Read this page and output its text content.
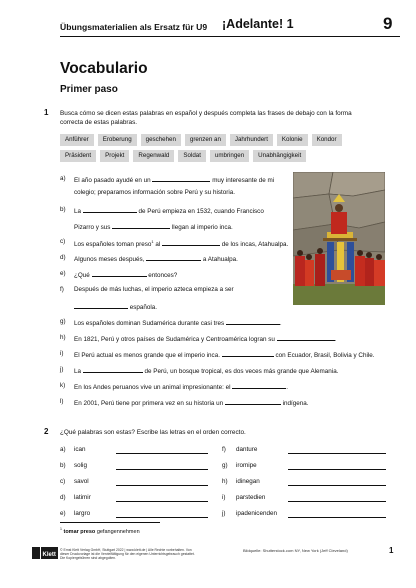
Übungsmaterialien als Ersatz für U9 ¡Adelante! 1	9
Vocabulario
Primer paso
1 Busca cómo se dicen estas palabras en español y después completa las frases de debajo con la forma correcta de estas palabras.
Anführer	Eroberung	geschehen	grenzen an	Jahrhundert	Kolonie	Kondor
Präsident	Projekt	Regenwald	Soldat	umbringen	Unabhängigkeit
a)	El año pasado ayudé en un	muy interesante de mi
colegio; preparamos información sobre Perú y su historia.
b)	La	de Perú empieza en 1532, cuando Francisco
Pizarro y sus	llegan al imperio inca.
c)	Los españoles toman preso$^1$ al	de los incas, Atahualpa.
d)	Algunos meses después,	a Atahualpa.
e)	¿Qué	entonces?
f)	Después de más luchas, el imperio azteca empieza a ser
española.
g)	Los españoles dominan Sudamérica durante casi tres	.
h)	En 1821, Perú y otros países de Sudamérica y Centroamérica logran su	.
i)	El Perú actual es menos grande que el imperio inca.	con Ecuador, Brasil, Bolivia y Chile.
j)	La	de Perú, un bosque tropical, es dos veces más grande que Alemania.
k)	En los Andes peruanos vive un animal impresionante: el	.
l)	En 2001, Perú tiene por primera vez en su historia un	indígena.
2 ¿Qué palabras son estas? Escribe las letras en el orden correcto.
a) ican
b) solig
c) savol
d) latimir
e) largro
f) danture
g) iromipe
h) idinegan
i) parstedien
j) ipadenicenden
$^1$ tomar preso gefangennehmen
Klett
© Ernst Klett Verlag GmbH, Stuttgart 2022 | www.klett.de | Alle Rechte vorbehalten. Von dieser Druckvorlage ist die Vervielfältigung für den eigenen Unterrichtsgebrauch gestattet. Die Kopiergebühren sind abgegolten.
Bildquelle: Shutterstock.com NY, New York (Jeff Cleveland)	1
